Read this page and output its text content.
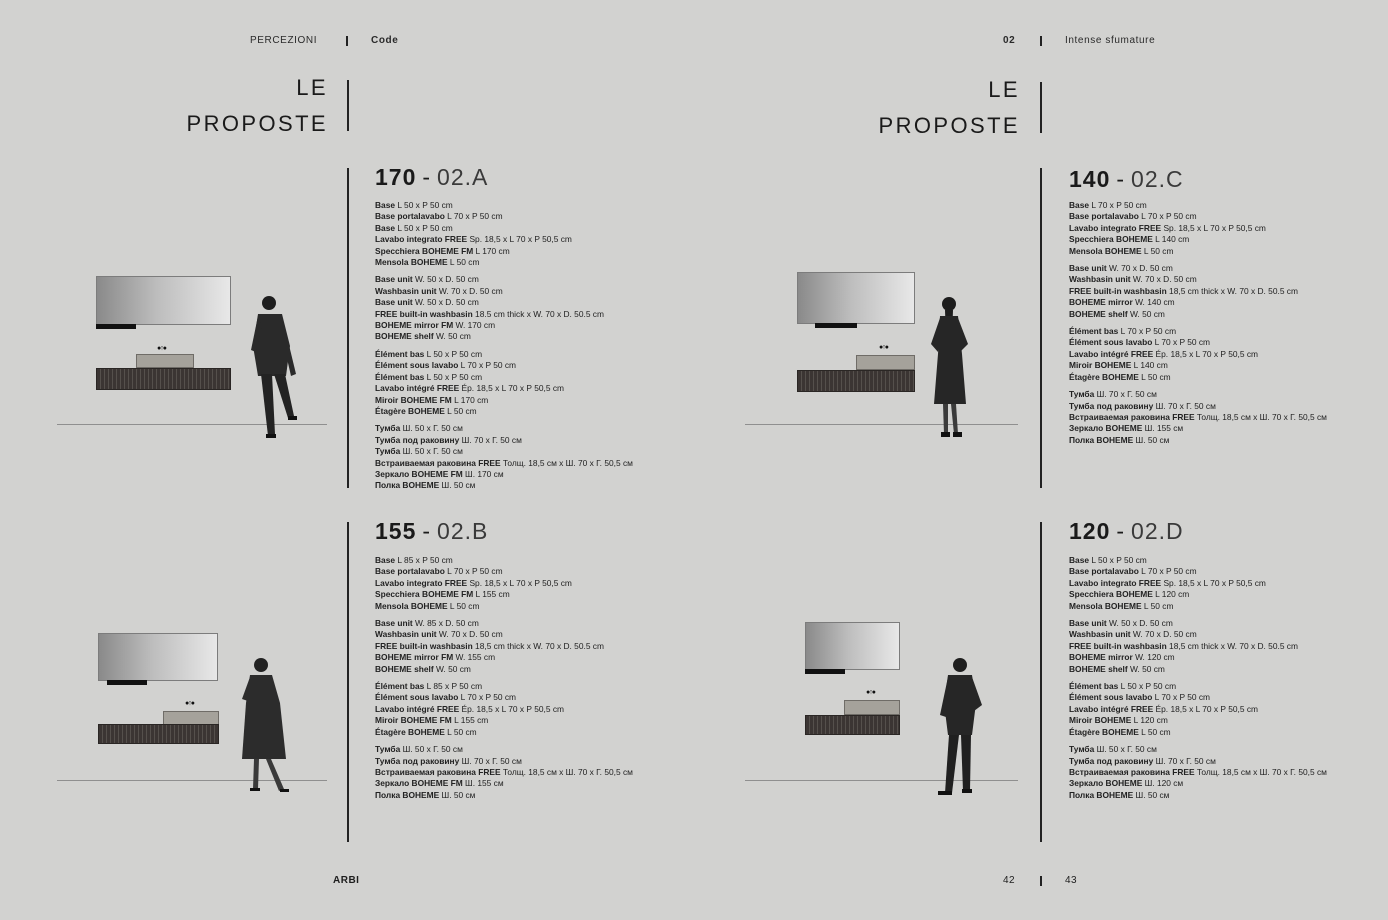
PERCEZIONI	Code	02	Intense sfumature
LE
PROPOSTE
LE
PROPOSTE
170 - 02.A
155 - 02.B
140 - 02.C
120 - 02.D
Base L 50 x P 50 cm
Base portalavabo L 70 x P 50 cm
Base L 50 x P 50 cm
Lavabo integrato FREE Sp. 18,5 x L 70 x P 50,5 cm
Specchiera BOHEME FM L 170 cm
Mensola BOHEME L 50 cm
Base unit W. 50 x D. 50 cm
Washbasin unit W. 70 x D. 50 cm
Base unit W. 50 x D. 50 cm
FREE built-in washbasin 18.5 cm thick x W. 70 x D. 50.5 cm
BOHEME mirror FM W. 170 cm
BOHEME shelf W. 50 cm
Élément bas L 50 x P 50 cm
Élément sous lavabo L 70 x P 50 cm
Élément bas L 50 x P 50 cm
Lavabo intégré FREE Ép. 18,5 x L 70 x P 50,5 cm
Miroir BOHEME FM L 170 cm
Étagère BOHEME L 50 cm
Тумба Ш. 50 x Г. 50 см
Тумба под раковину Ш. 70 x Г. 50 см
Тумба Ш. 50 x Г. 50 см
Встраиваемая раковина FREE Толщ. 18,5 см x Ш. 70 x Г. 50,5 см
Зеркало BOHEME FM Ш. 170 см
Полка BOHEME Ш. 50 см
Base L 85 x P 50 cm
Base portalavabo L 70 x P 50 cm
Lavabo integrato FREE Sp. 18,5 x L 70 x P 50,5 cm
Specchiera BOHEME FM L 155 cm
Mensola BOHEME L 50 cm
Base unit W. 85 x D. 50 cm
Washbasin unit W. 70 x D. 50 cm
FREE built-in washbasin 18,5 cm thick x W. 70 x D. 50.5 cm
BOHEME mirror FM W. 155 cm
BOHEME shelf W. 50 cm
Élément bas L 85 x P 50 cm
Élément sous lavabo L 70 x P 50 cm
Lavabo intégré FREE Ép. 18,5 x L 70 x P 50,5 cm
Miroir BOHEME FM L 155 cm
Étagère BOHEME L 50 cm
Тумба Ш. 50 x Г. 50 см
Тумба под раковину Ш. 70 x Г. 50 см
Встраиваемая раковина FREE Толщ. 18,5 см x Ш. 70 x Г. 50,5 см
Зеркало BOHEME FM Ш. 155 см
Полка BOHEME Ш. 50 см
Base L 70 x P 50 cm
Base portalavabo L 70 x P 50 cm
Lavabo integrato FREE Sp. 18,5 x L 70 x P 50,5 cm
Specchiera BOHEME L 140 cm
Mensola BOHEME L 50 cm
Base unit W. 70 x D. 50 cm
Washbasin unit W. 70 x D. 50 cm
FREE built-in washbasin 18,5 cm thick x W. 70 x D. 50.5 cm
BOHEME mirror W. 140 cm
BOHEME shelf W. 50 cm
Élément bas L 70 x P 50 cm
Élément sous lavabo L 70 x P 50 cm
Lavabo intégré FREE Ép. 18,5 x L 70 x P 50,5 cm
Miroir BOHEME L 140 cm
Étagère BOHEME L 50 cm
Тумба Ш. 70 x Г. 50 см
Тумба под раковину Ш. 70 x Г. 50 см
Встраиваемая раковина FREE Толщ. 18,5 см x Ш. 70 x Г. 50,5 см
Зеркало BOHEME Ш. 155 см
Полка BOHEME Ш. 50 см
Base L 50 x P 50 cm
Base portalavabo L 70 x P 50 cm
Lavabo integrato FREE Sp. 18,5 x L 70 x P 50,5 cm
Specchiera BOHEME L 120 cm
Mensola BOHEME L 50 cm
Base unit W. 50 x D. 50 cm
Washbasin unit W. 70 x D. 50 cm
FREE built-in washbasin 18,5 cm thick x W. 70 x D. 50.5 cm
BOHEME mirror W. 120 cm
BOHEME shelf W. 50 cm
Élément bas L 50 x P 50 cm
Élément sous lavabo L 70 x P 50 cm
Lavabo intégré FREE Ép. 18,5 x L 70 x P 50,5 cm
Miroir BOHEME L 120 cm
Étagère BOHEME L 50 cm
Тумба Ш. 50 x Г. 50 см
Тумба под раковину Ш. 70 x Г. 50 см
Встраиваемая раковина FREE Толщ. 18,5 см x Ш. 70 x Г. 50,5 см
Зеркало BOHEME Ш. 120 см
Полка BOHEME Ш. 50 см
●↑●
●↑●
●↑●
●↑●
ARBI	42	43
